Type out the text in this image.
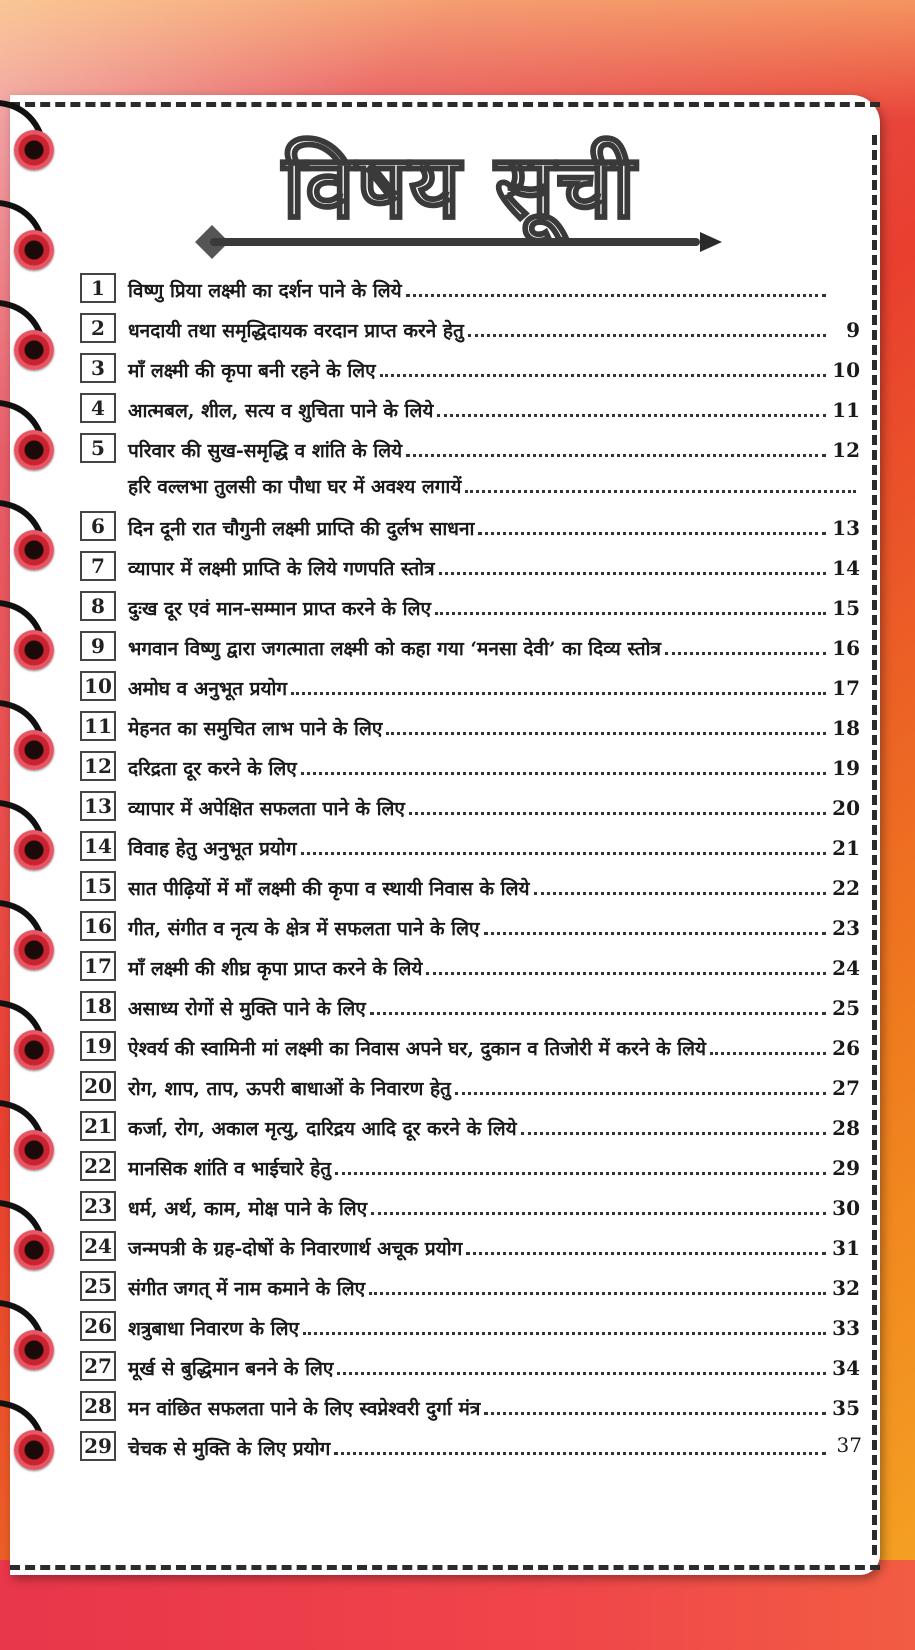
विषय सूची
1	विष्णु प्रिया लक्ष्मी का दर्शन पाने के लिये
2	धनदायी तथा समृद्धिदायक वरदान प्राप्त करने हेतु	9
3	माँ लक्ष्मी की कृपा बनी रहने के लिए	10
4	आत्मबल, शील, सत्य व शुचिता पाने के लिये	11
5	परिवार की सुख-समृद्धि व शांति के लिये	12
हरि वल्लभा तुलसी का पौधा घर में अवश्य लगायें
6	दिन दूनी रात चौगुनी लक्ष्मी प्राप्ति की दुर्लभ साधना	13
7	व्यापार में लक्ष्मी प्राप्ति के लिये गणपति स्तोत्र	14
8	दुःख दूर एवं मान-सम्मान प्राप्त करने के लिए	15
9	भगवान विष्णु द्वारा जगत्माता लक्ष्मी को कहा गया ‘मनसा देवी’ का दिव्य स्तोत्र	16
10 अमोघ व अनुभूत प्रयोग	17
11 मेहनत का समुचित लाभ पाने के लिए	18
12 दरिद्रता दूर करने के लिए	19
13 व्यापार में अपेक्षित सफलता पाने के लिए	20
14 विवाह हेतु अनुभूत प्रयोग	21
15 सात पीढ़ियों में माँ लक्ष्मी की कृपा व स्थायी निवास के लिये	22
16 गीत, संगीत व नृत्य के क्षेत्र में सफलता पाने के लिए	23
17 माँ लक्ष्मी की शीघ्र कृपा प्राप्त करने के लिये	24
18 असाध्य रोगों से मुक्ति पाने के लिए	25
19 ऐश्वर्य की स्वामिनी मां लक्ष्मी का निवास अपने घर, दुकान व तिजोरी में करने के लिये	26
20 रोग, शाप, ताप, ऊपरी बाधाओं के निवारण हेतु	27
21 कर्जा, रोग, अकाल मृत्यु, दारिद्रय आदि दूर करने के लिये	28
22 मानसिक शांति व भाईचारे हेतु	29
23 धर्म, अर्थ, काम, मोक्ष पाने के लिए	30
24 जन्मपत्री के ग्रह-दोषों के निवारणार्थ अचूक प्रयोग	31
25 संगीत जगत् में नाम कमाने के लिए	32
26 शत्रुबाधा निवारण के लिए	33
27 मूर्ख से बुद्धिमान बनने के लिए	34
28 मन वांछित सफलता पाने के लिए स्वप्नेश्वरी दुर्गा मंत्र	35
29 चेचक से मुक्ति के लिए प्रयोग	37
